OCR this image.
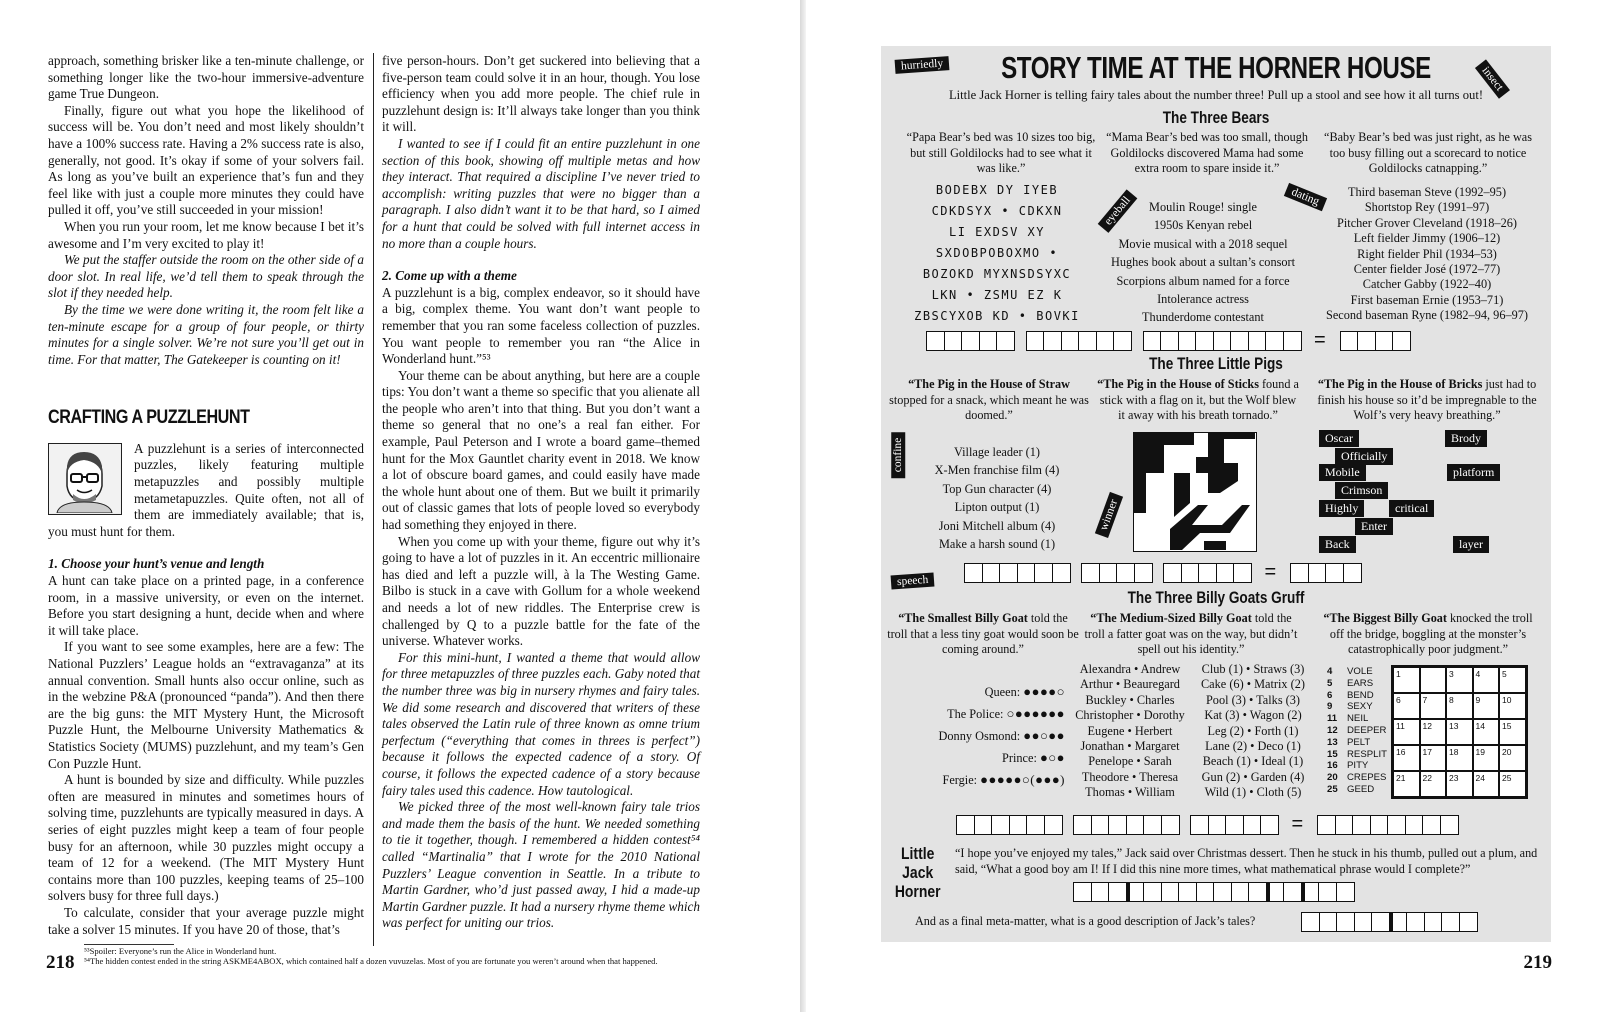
approach, something brisker like a ten-minute challenge, or something longer like the two-hour immersive-adventure game True Dungeon.

Finally, figure out what you hope the likelihood of success will be. You don’t need and most likely shouldn’t have a 100% success rate. Having a 2% success rate is also, generally, not good. It’s okay if some of your solvers fail. As long as you’ve built an experience that’s fun and they feel like with just a couple more minutes they could have pulled it off, you’ve still succeeded in your mission!

When you run your room, let me know because I bet it’s awesome and I’m very excited to play it!

We put the staffer outside the room on the other side of a door slot. In real life, we’d tell them to speak through the slot if they needed help.

By the time we were done writing it, the room felt like a ten-minute escape for a group of four people, or thirty minutes for a single solver. We’re not sure you’ll get out in time. For that matter, The Gatekeeper is counting on it!

CRAFTING A PUZZLEHUNT

A puzzlehunt is a series of interconnected puzzles, likely featuring multiple metapuzzles and possibly multiple metametapuzzles. Quite often, not all of them are immediately available; that is, you must hunt for them.

1. Choose your hunt’s venue and length

A hunt can take place on a printed page, in a conference room, in a massive university, or even on the internet. Before you start designing a hunt, decide when and where it will take place.

If you want to see some examples, here are a few: The National Puzzlers’ League holds an “extravaganza” at its annual convention. Small hunts also occur online, such as in the webzine P&A (pronounced “panda”). And then there are the big guns: the MIT Mystery Hunt, the Microsoft Puzzle Hunt, the Melbourne University Mathematics & Statistics Society (MUMS) puzzlehunt, and my team’s Gen Con Puzzle Hunt.

A hunt is bounded by size and difficulty. While puzzles often are measured in minutes and sometimes hours of solving time, puzzlehunts are typically measured in days. A series of eight puzzles might keep a team of four people busy for an afternoon, while 30 puzzles might occupy a team of 12 for a weekend. (The MIT Mystery Hunt contains more than 100 puzzles, keeping teams of 25–100 solvers busy for three full days.)

To calculate, consider that your average puzzle might take a solver 15 minutes. If you have 20 of those, that’s

five person-hours. Don’t get suckered into believing that a five-person team could solve it in an hour, though. You lose efficiency when you add more people. The chief rule in puzzlehunt design is: It’ll always take longer than you think it will.

I wanted to see if I could fit an entire puzzlehunt in one section of this book, showing off multiple metas and how they interact. That required a discipline I’ve never tried to accomplish: writing puzzles that were no bigger than a paragraph. I also didn’t want it to be that hard, so I aimed for a hunt that could be solved with full internet access in no more than a couple hours.

2. Come up with a theme

A puzzlehunt is a big, complex endeavor, so it should have a big, complex theme. You want don’t want people to remember that you ran some faceless collection of puzzles. You want people to remember you ran “the Alice in Wonderland hunt.”⁵³

Your theme can be about anything, but here are a couple tips: You don’t want a theme so specific that you alienate all the people who aren’t into that thing. But you don’t want a theme so general that no one’s a real fan either. For example, Paul Peterson and I wrote a board game–themed hunt for the Mox Gauntlet charity event in 2018. We know a lot of obscure board games, and could easily have made the whole hunt about one of them. But we built it primarily out of classic games that lots of people loved so everybody had something they enjoyed in there.

When you come up with your theme, figure out why it’s going to have a lot of puzzles in it. An eccentric millionaire has died and left a puzzle will, à la The Westing Game. Bilbo is stuck in a cave with Gollum for a whole weekend and needs a lot of new riddles. The Enterprise crew is challenged by Q to a puzzle battle for the fate of the universe. Whatever works.

For this mini-hunt, I wanted a theme that would allow for three metapuzzles of three puzzles each. Gaby noted that the number three was big in nursery rhymes and fairy tales. We did some research and discovered that writers of these tales observed the Latin rule of three known as omne trium perfectum (“everything that comes in threes is perfect”) because it follows the expected cadence of a story. Of course, it follows the expected cadence of a story because fairy tales used this cadence. How tautological.

We picked three of the most well-known fairy tale trios and made them the basis of the hunt. We needed something to tie it together, though. I remembered a hidden contest⁵⁴ called “Martinalia” that I wrote for the 2010 National Puzzlers’ League convention in Seattle. In a tribute to Martin Gardner, who’d just passed away, I hid a made-up Martin Gardner puzzle. It had a nursery rhyme theme which was perfect for uniting our trios.

⁵³Spoiler: Everyone’s run the Alice in Wonderland hunt.
⁵⁴The hidden contest ended in the string ASKME4ABOX, which contained half a dozen vuvuzelas. Most of you are fortunate you weren’t around when that happened.
218
STORY TIME AT THE HORNER HOUSE
Little Jack Horner is telling fairy tales about the number three! Pull up a stool and see how it all turns out!
hurriedly	insect
The Three Bears
“Papa Bear’s bed was 10 sizes too big, but still Goldilocks had to see what it was like.”
“Mama Bear’s bed was too small, though Goldilocks discovered Mama had some extra room to spare inside it.”
“Baby Bear’s bed was just right, as he was too busy filling out a scorecard to notice Goldilocks catnapping.”
BODEBX DY IYEB
CDKDSYX • CDKXN
LI EXDSV XY
SXDOBPOBOXMO •
BOZOKD MYXNSDSYXC
LKN • ZSMU EZ K
ZBSCYXOB KD • BOVKI
eyeball	dating
Moulin Rouge! single
1950s Kenyan rebel
Movie musical with a 2018 sequel
Hughes book about a sultan’s consort
Scorpions album named for a force
Intolerance actress
Thunderdome contestant
Third baseman Steve (1992–95)
Shortstop Rey (1991–97)
Pitcher Grover Cleveland (1918–26)
Left fielder Jimmy (1906–12)
Right fielder Phil (1934–53)
Center fielder José (1972–77)
Catcher Gabby (1922–40)
First baseman Ernie (1953–71)
Second baseman Ryne (1982–94, 96–97)
=
The Three Little Pigs
“The Pig in the House of Straw stopped for a snack, which meant he was doomed.”
“The Pig in the House of Sticks found a stick with a flag on it, but the Wolf blew it away with his breath tornado.”
“The Pig in the House of Bricks just had to finish his house so it’d be impregnable to the Wolf’s very heavy breathing.”
confine	Village leader (1)
X-Men franchise film (4)
Top Gun character (4)
Lipton output (1)
Joni Mitchell album (4)
Make a harsh sound (1)
winner
Oscar
Officially
Mobile
Crimson
Highly	critical
Enter
Back
Brody
platform
layer
speech	=
The Three Billy Goats Gruff
“The Smallest Billy Goat told the troll that a less tiny goat would soon be coming around.”
“The Medium-Sized Billy Goat told the troll a fatter goat was on the way, but didn’t spell out his identity.”
“The Biggest Billy Goat knocked the troll off the bridge, boggling at the monster’s catastrophically poor judgment.”
Queen: ●●●●○
The Police: ○●●●●●●
Donny Osmond: ●●○●●
Prince: ●○●
Fergie: ●●●●●○(●●●)
Alexandra • Andrew
Arthur • Beauregard
Buckley • Charles
Christopher • Dorothy
Eugene • Herbert
Jonathan • Margaret
Penelope • Sarah
Theodore • Theresa
Thomas • William
Club (1) • Straws (3)
Cake (6) • Matrix (2)
Pool (3) • Talks (3)
Kat (3) • Wagon (2)
Leg (2) • Forth (1)
Lane (2) • Deco (1)
Beach (1) • Ideal (1)
Gun (2) • Garden (4)
Wild (1) • Cloth (5)
4 VOLE
5 EARS
6 BEND
9 SEXY
11 NEIL
12 DEEPER
13 PELT
15 RESPLIT
16 PITY
20 CREPES
25 GEED
1	3	4	5
6	7	8	9	10
11	12	13	14	15
16	17	18	19	20
21	22	23	24	25
=
Little Jack
Horner
“I hope you’ve enjoyed my tales,” Jack said over Christmas dessert. Then he stuck in his thumb, pulled out a plum, and said, “What a good boy am I! If I did this nine more times, what mathematical phrase would I complete?”
And as a final meta-matter, what is a good description of Jack’s tales?
219
